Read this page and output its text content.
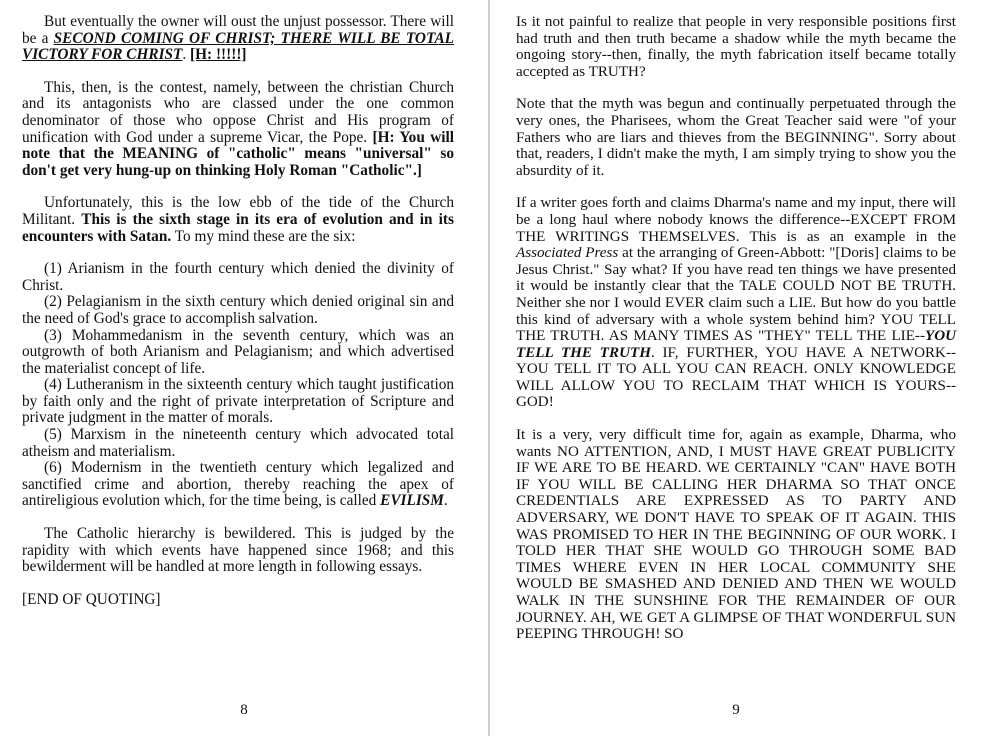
But eventually the owner will oust the unjust possessor. There will be a SECOND COMING OF CHRIST; THERE WILL BE TOTAL VICTORY FOR CHRIST. [H: !!!!!]

This, then, is the contest, namely, between the christian Church and its antagonists who are classed under the one common denominator of those who oppose Christ and His program of unification with God under a supreme Vicar, the Pope. [H: You will note that the MEANING of "catholic" means "universal" so don't get very hung-up on thinking Holy Roman "Catholic".]

Unfortunately, this is the low ebb of the tide of the Church Militant. This is the sixth stage in its era of evolution and in its encounters with Satan. To my mind these are the six:

(1) Arianism in the fourth century which denied the divinity of Christ.

(2) Pelagianism in the sixth century which denied original sin and the need of God's grace to accomplish salvation.

(3) Mohammedanism in the seventh century, which was an outgrowth of both Arianism and Pelagianism; and which advertised the materialist concept of life.

(4) Lutheranism in the sixteenth century which taught justification by faith only and the right of private interpretation of Scripture and private judgment in the matter of morals.

(5) Marxism in the nineteenth century which advocated total atheism and materialism.

(6) Modernism in the twentieth century which legalized and sanctified crime and abortion, thereby reaching the apex of antireligious evolution which, for the time being, is called EVILISM.

The Catholic hierarchy is bewildered. This is judged by the rapidity with which events have happened since 1968; and this bewilderment will be handled at more length in following essays.

[END OF QUOTING]

8

Is it not painful to realize that people in very responsible positions first had truth and then truth became a shadow while the myth became the ongoing story--then, finally, the myth fabrication itself became totally accepted as TRUTH?

Note that the myth was begun and continually perpetuated through the very ones, the Pharisees, whom the Great Teacher said were "of your Fathers who are liars and thieves from the BEGINNING". Sorry about that, readers, I didn't make the myth, I am simply trying to show you the absurdity of it.

If a writer goes forth and claims Dharma's name and my input, there will be a long haul where nobody knows the difference--EXCEPT FROM THE WRITINGS THEMSELVES. This is as an example in the Associated Press at the arranging of Green-Abbott: "[Doris] claims to be Jesus Christ." Say what? If you have read ten things we have presented it would be instantly clear that the TALE COULD NOT BE TRUTH. Neither she nor I would EVER claim such a LIE. But how do you battle this kind of adversary with a whole system behind him? YOU TELL THE TRUTH. AS MANY TIMES AS "THEY" TELL THE LIE--YOU TELL THE TRUTH. IF, FURTHER, YOU HAVE A NETWORK--YOU TELL IT TO ALL YOU CAN REACH. ONLY KNOWLEDGE WILL ALLOW YOU TO RECLAIM THAT WHICH IS YOURS--GOD!

It is a very, very difficult time for, again as example, Dharma, who wants NO ATTENTION, AND, I MUST HAVE GREAT PUBLICITY IF WE ARE TO BE HEARD. WE CERTAINLY "CAN" HAVE BOTH IF YOU WILL BE CALLING HER DHARMA SO THAT ONCE CREDENTIALS ARE EXPRESSED AS TO PARTY AND ADVERSARY, WE DON'T HAVE TO SPEAK OF IT AGAIN. THIS WAS PROMISED TO HER IN THE BEGINNING OF OUR WORK. I TOLD HER THAT SHE WOULD GO THROUGH SOME BAD TIMES WHERE EVEN IN HER LOCAL COMMUNITY SHE WOULD BE SMASHED AND DENIED AND THEN WE WOULD WALK IN THE SUNSHINE FOR THE REMAINDER OF OUR JOURNEY. AH, WE GET A GLIMPSE OF THAT WONDERFUL SUN PEEPING THROUGH! SO

9
